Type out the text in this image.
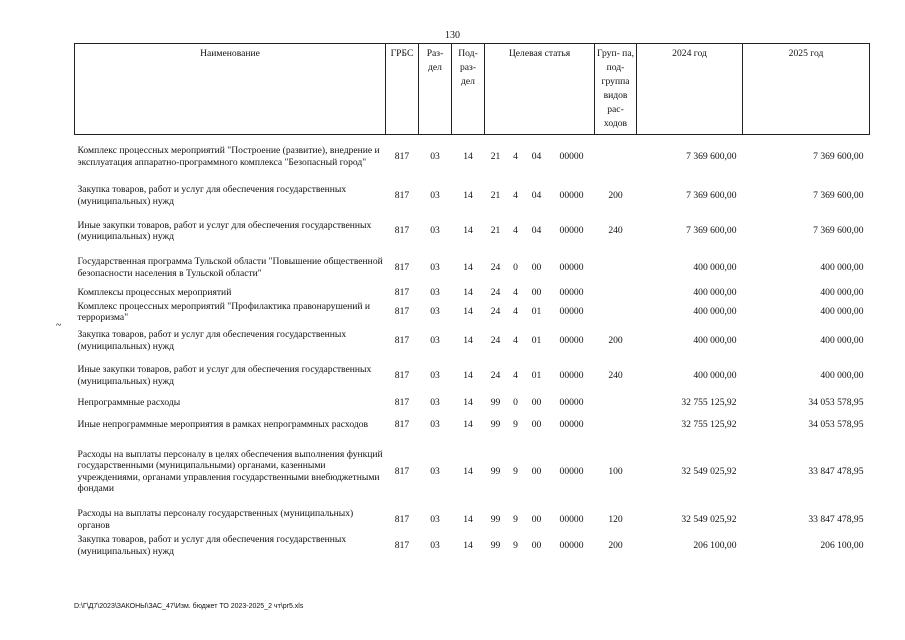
130
~
Наименование	ГРБС	Раз- дел	Под- раз- дел	Целевая статья				Груп- па, под- группа видов рас- ходов	2024 год	2025 год
Комплекс процессных мероприятий "Построение (развитие), внедрение и эксплуатация аппаратно-программного комплекса "Безопасный город"	817	03	14	21	4	04	00000		7 369 600,00	7 369 600,00
Закупка товаров, работ и услуг для обеспечения государственных (муниципальных) нужд	817	03	14	21	4	04	00000	200	7 369 600,00	7 369 600,00
Иные закупки товаров, работ и услуг для обеспечения государственных (муниципальных) нужд	817	03	14	21	4	04	00000	240	7 369 600,00	7 369 600,00
Государственная программа Тульской области "Повышение общественной безопасности населения в Тульской области"	817	03	14	24	0	00	00000		400 000,00	400 000,00
Комплексы процессных мероприятий	817	03	14	24	4	00	00000		400 000,00	400 000,00
Комплекс процессных мероприятий "Профилактика правонарушений и терроризма"	817	03	14	24	4	01	00000		400 000,00	400 000,00
Закупка товаров, работ и услуг для обеспечения государственных (муниципальных) нужд	817	03	14	24	4	01	00000	200	400 000,00	400 000,00
Иные закупки товаров, работ и услуг для обеспечения государственных (муниципальных) нужд	817	03	14	24	4	01	00000	240	400 000,00	400 000,00
Непрограммные расходы	817	03	14	99	0	00	00000		32 755 125,92	34 053 578,95
Иные непрограммные мероприятия в рамках непрограммных расходов	817	03	14	99	9	00	00000		32 755 125,92	34 053 578,95
Расходы на выплаты персоналу в целях обеспечения выполнения функций государственными (муниципальными) органами, казенными учреждениями, органами управления государственными внебюджетными фондами	817	03	14	99	9	00	00000	100	32 549 025,92	33 847 478,95
Расходы на выплаты персоналу государственных (муниципальных) органов	817	03	14	99	9	00	00000	120	32 549 025,92	33 847 478,95
Закупка товаров, работ и услуг для обеспечения государственных (муниципальных) нужд	817	03	14	99	9	00	00000	200	206 100,00	206 100,00
D:\Г\Д7\2023\ЗАКОНЫ\ЗАС_47\Изм. бюджет ТО 2023-2025_2 чт\pr5.xls
